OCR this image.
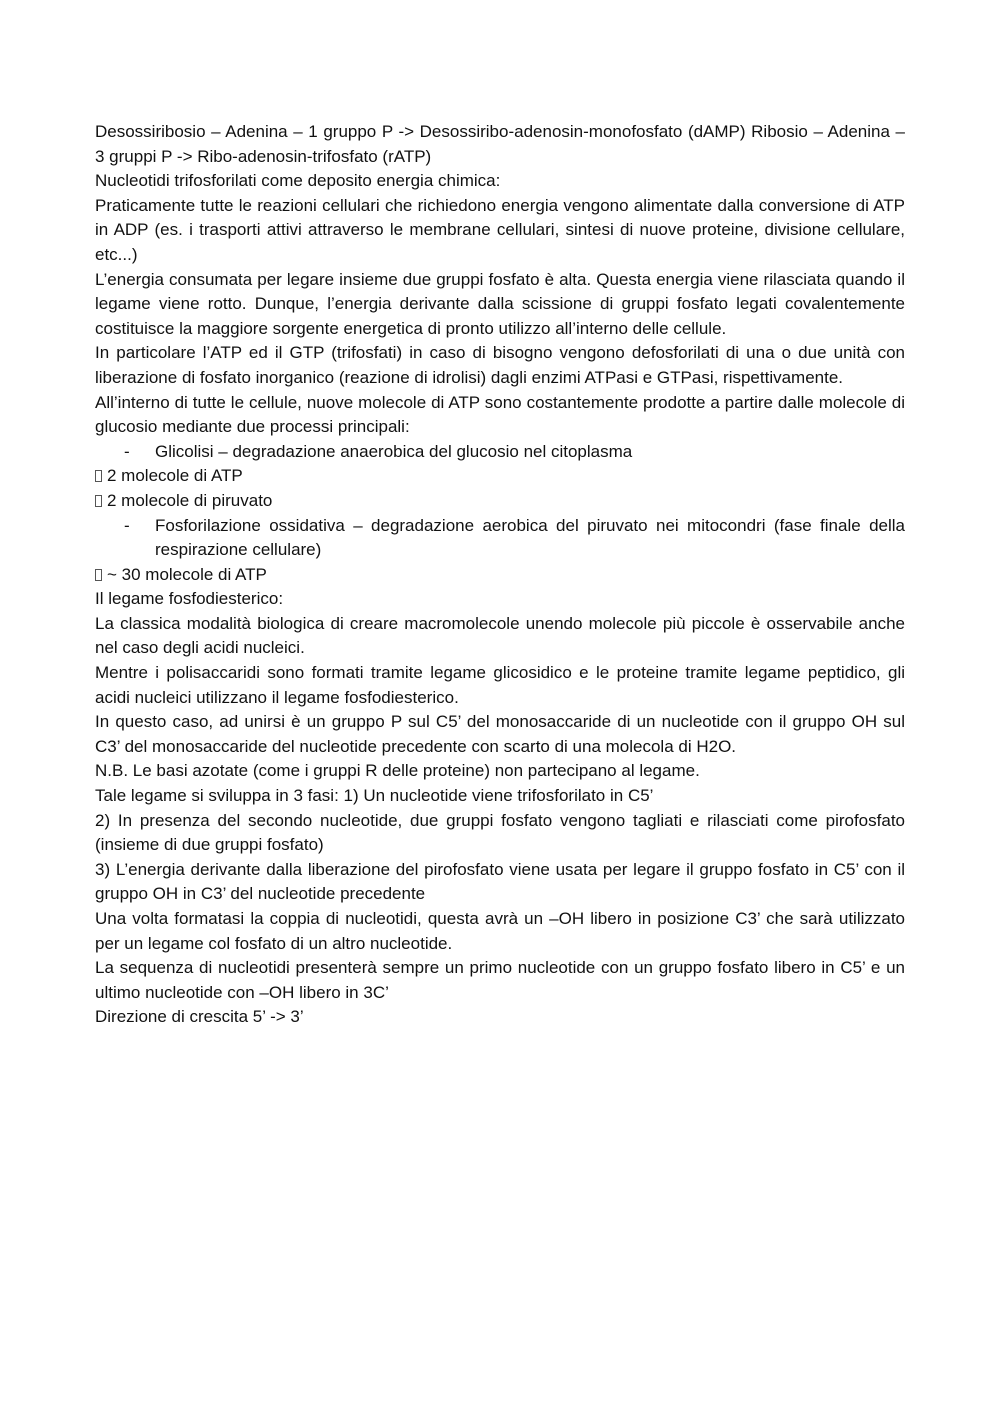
Desossiribosio – Adenina – 1 gruppo P -> Desossiribo-adenosin-monofosfato (dAMP) Ribosio – Adenina – 3 gruppi P -> Ribo-adenosin-trifosfato (rATP)

Nucleotidi trifosforilati come deposito energia chimica:

Praticamente tutte le reazioni cellulari che richiedono energia vengono alimentate dalla conversione di ATP in ADP (es. i trasporti attivi attraverso le membrane cellulari, sintesi di nuove proteine, divisione cellulare, etc...)

L’energia consumata per legare insieme due gruppi fosfato è alta. Questa energia viene rilasciata quando il legame viene rotto. Dunque, l’energia derivante dalla scissione di gruppi fosfato legati covalentemente costituisce la maggiore sorgente energetica di pronto utilizzo all’interno delle cellule.

In particolare l’ATP ed il GTP (trifosfati) in caso di bisogno vengono defosforilati di una o due unità con liberazione di fosfato inorganico (reazione di idrolisi) dagli enzimi ATPasi e GTPasi, rispettivamente.

All’interno di tutte le cellule, nuove molecole di ATP sono costantemente prodotte a partire dalle molecole di glucosio mediante due processi principali:

-	Glicolisi – degradazione anaerobica del glucosio nel citoplasma

2 molecole di ATP

2 molecole di piruvato

-	Fosforilazione ossidativa – degradazione aerobica del piruvato nei mitocondri (fase finale della respirazione cellulare)

~ 30 molecole di ATP

Il legame fosfodiesterico:

La classica modalità biologica di creare macromolecole unendo molecole più piccole è osservabile anche nel caso degli acidi nucleici.

Mentre i polisaccaridi sono formati tramite legame glicosidico e le proteine tramite legame peptidico, gli acidi nucleici utilizzano il legame fosfodiesterico.

In questo caso, ad unirsi è un gruppo P sul C5’ del monosaccaride di un nucleotide con il gruppo OH sul C3’ del monosaccaride del nucleotide precedente con scarto di una molecola di H2O.

N.B. Le basi azotate (come i gruppi R delle proteine) non partecipano al legame.

Tale legame si sviluppa in 3 fasi: 1) Un nucleotide viene trifosforilato in C5’

2) In presenza del secondo nucleotide, due gruppi fosfato vengono tagliati e rilasciati come pirofosfato (insieme di due gruppi fosfato)

3) L’energia derivante dalla liberazione del pirofosfato viene usata per legare il gruppo fosfato in C5’ con il gruppo OH in C3’ del nucleotide precedente

Una volta formatasi la coppia di nucleotidi, questa avrà un –OH libero in posizione C3’ che sarà utilizzato per un legame col fosfato di un altro nucleotide.

La sequenza di nucleotidi presenterà sempre un primo nucleotide con un gruppo fosfato libero in C5’ e un ultimo nucleotide con –OH libero in 3C’

Direzione di crescita 5’ -> 3’
